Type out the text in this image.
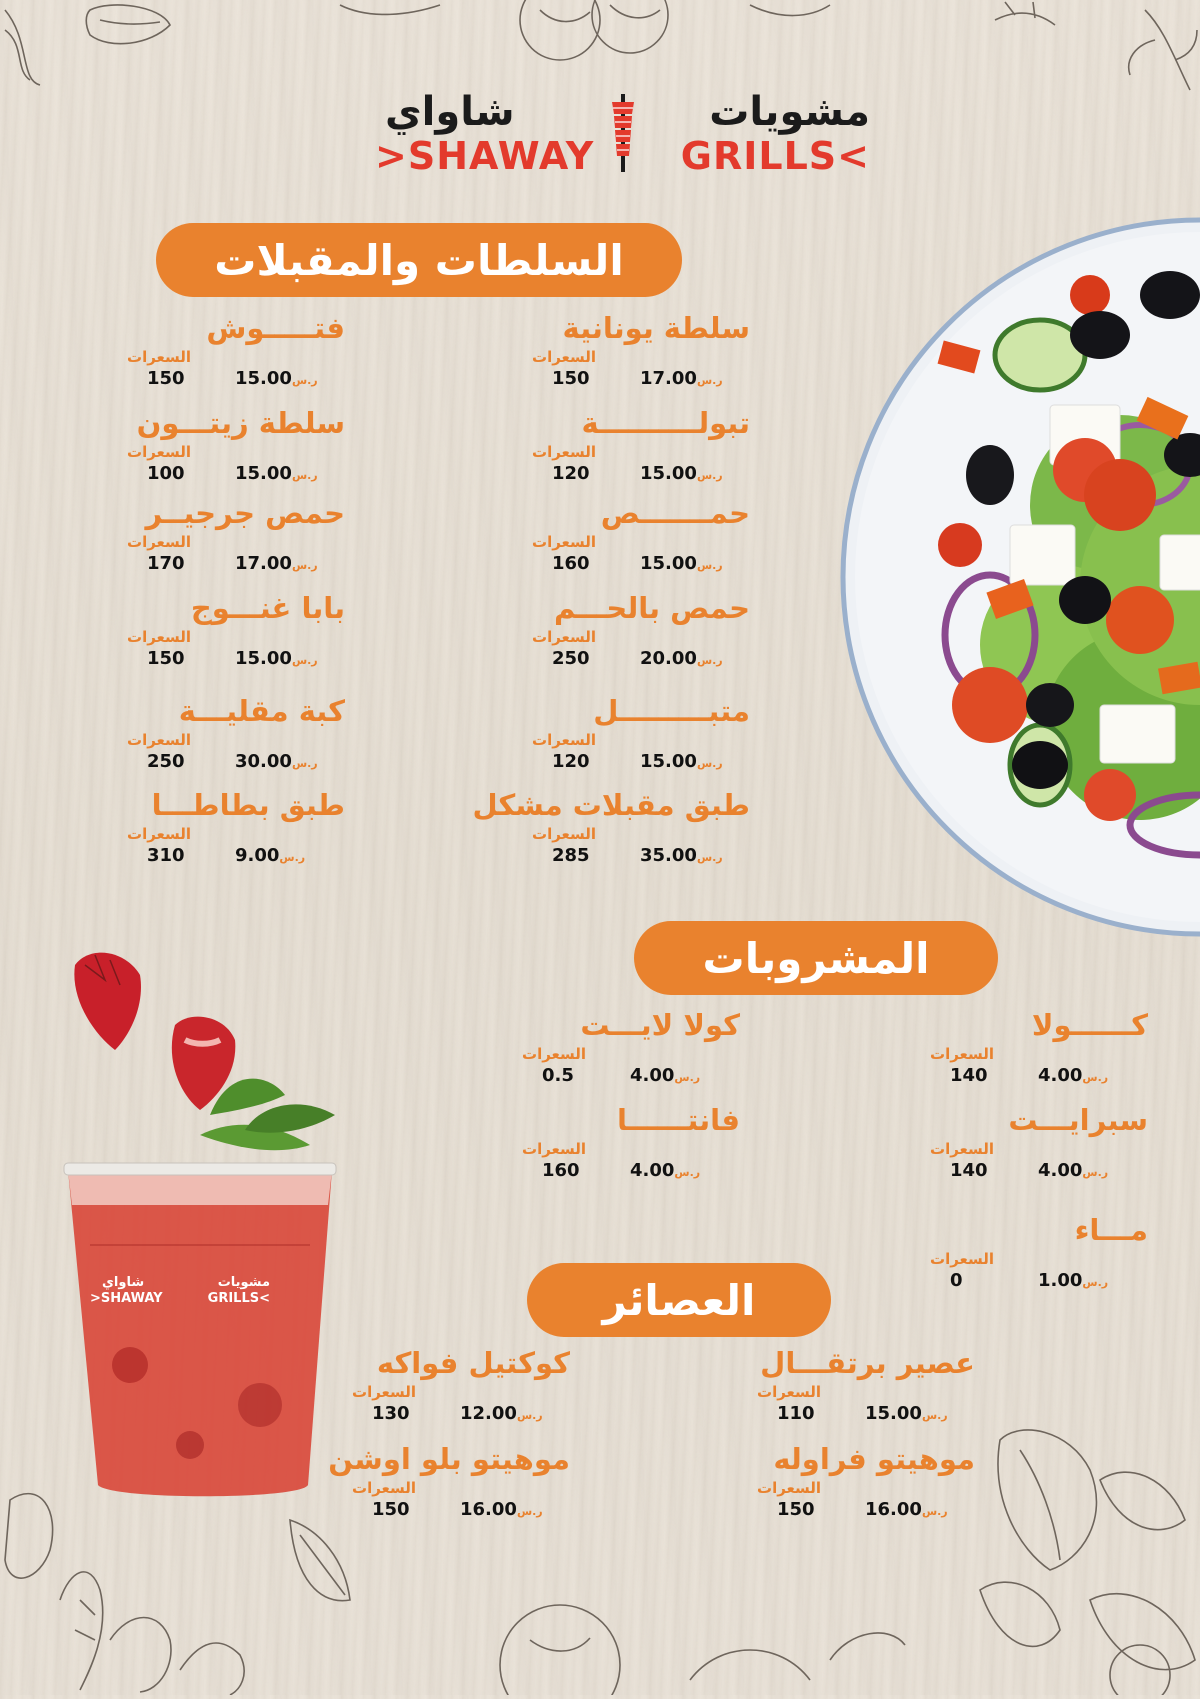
مشويات
شاواي
>SHAWAY GRILLS<
مشويات
شاواي
>SHAWAY	GRILLS<
السلطات والمقبلات
المشروبات
العصائر
سلطة يونانية
السعرات
150	ر.س17.00
فتـــــوش
السعرات
150	ر.س15.00
تبولــــــــــة
السعرات
120	ر.س15.00
سلطة زيتـــون
السعرات
100	ر.س15.00
حمـــــــص
السعرات
160	ر.س15.00
حمص جرجيــر
السعرات
170	ر.س17.00
حمص بالحـــم
السعرات
250	ر.س20.00
بابا غنـــوج
السعرات
150	ر.س15.00
متبـــــــــل
السعرات
120	ر.س15.00
كبة مقليـــة
السعرات
250	ر.س30.00
طبق مقبلات مشكل
السعرات
285	ر.س35.00
طبق بطاطـــا
السعرات
310	ر.س9.00
كــــــولا
السعرات
140	ر.س4.00
كولا لايـــت
السعرات
0.5	ر.س4.00
سبرايـــت
السعرات
140	ر.س4.00
فانتــــــا
السعرات
160	ر.س4.00
مـــاء
السعرات
0	ر.س1.00
عصير برتقـــال
السعرات
110	ر.س15.00
كوكتيل فواكه
السعرات
130	ر.س12.00
موهيتو فراوله
السعرات
150	ر.س16.00
موهيتو بلو اوشن
السعرات
150	ر.س16.00
